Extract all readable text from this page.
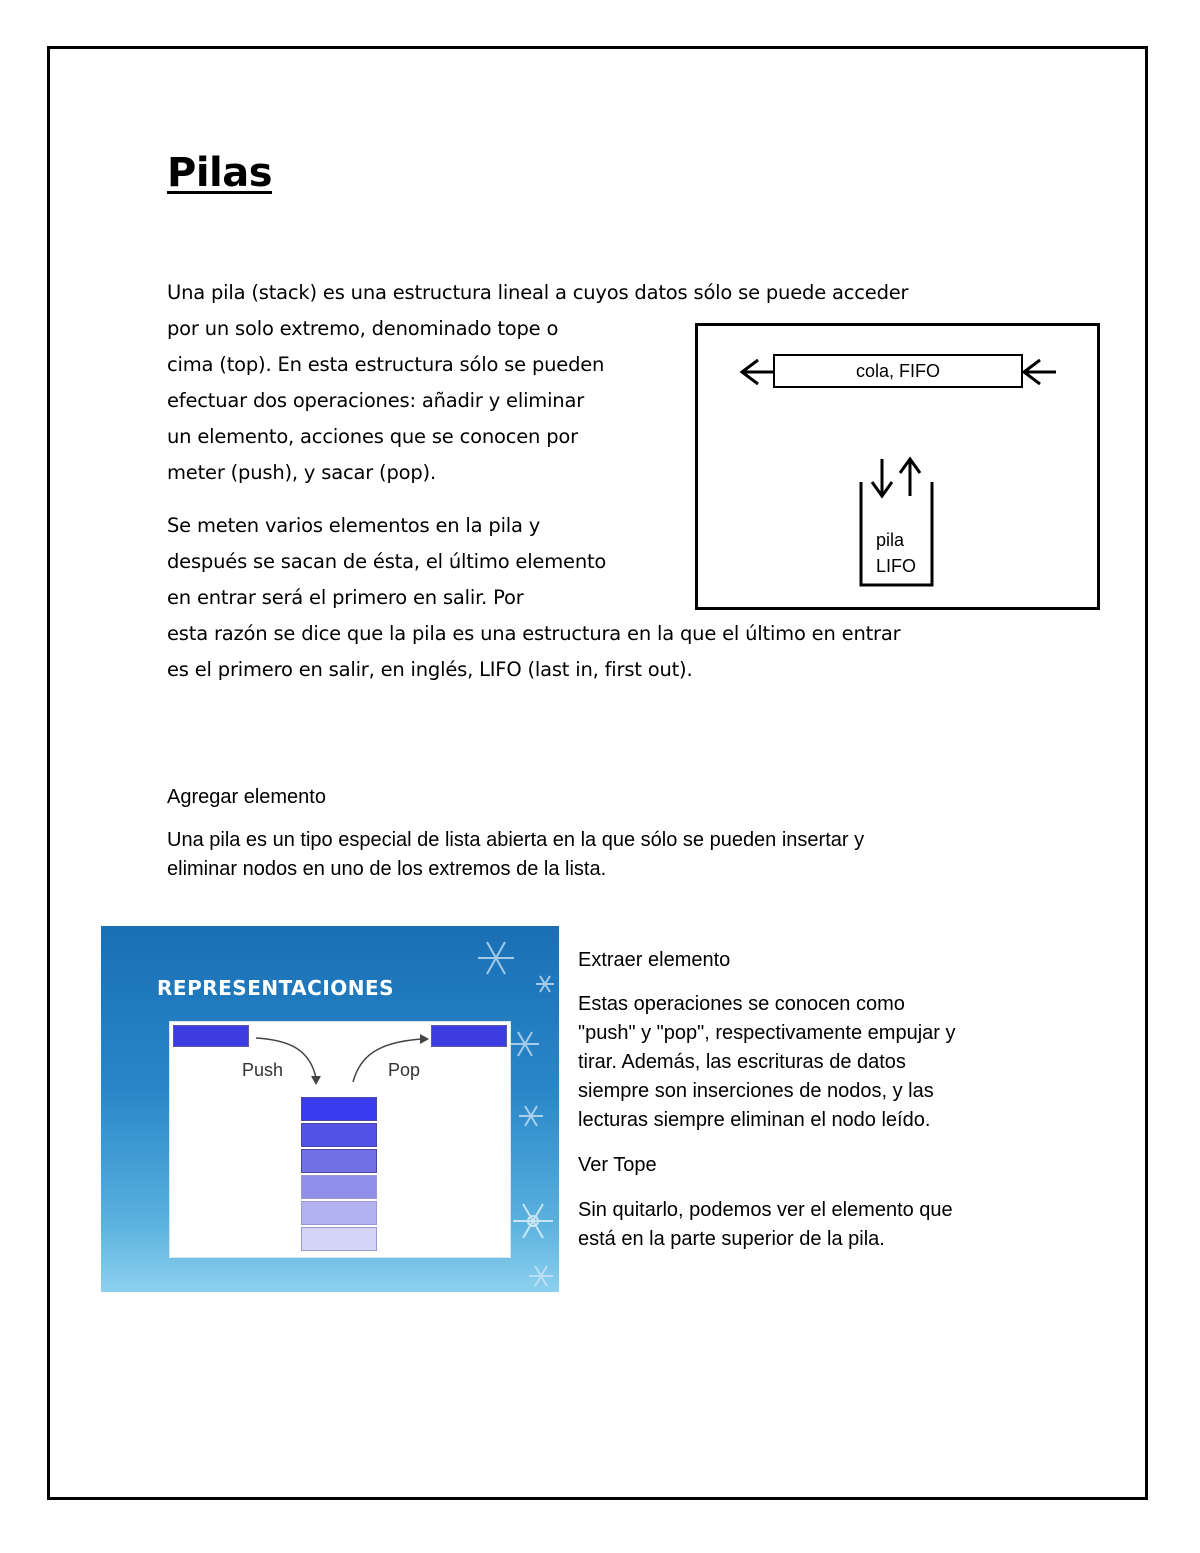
Pilas
Una pila (stack) es una estructura lineal a cuyos datos sólo se puede acceder
por un solo extremo, denominado tope o
cima (top). En esta estructura sólo se pueden
efectuar dos operaciones: añadir y eliminar
un elemento, acciones que se conocen por
meter (push), y sacar (pop).
Se meten varios elementos en la pila y
después se sacan de ésta, el último elemento
en entrar será el primero en salir. Por
esta razón se dice que la pila es una estructura en la que el último en entrar
es el primero en salir, en inglés, LIFO (last in, first out).
cola, FIFO
pila
LIFO
Agregar elemento
Una pila es un tipo especial de lista abierta en la que sólo se pueden insertar y
eliminar nodos en uno de los extremos de la lista.
REPRESENTACIONES
Push	Pop
Extraer elemento
Estas operaciones se conocen como
"push" y "pop", respectivamente empujar y
tirar. Además, las escrituras de datos
siempre son inserciones de nodos, y las
lecturas siempre eliminan el nodo leído.
Ver Tope
Sin quitarlo, podemos ver el elemento que
está en la parte superior de la pila.
